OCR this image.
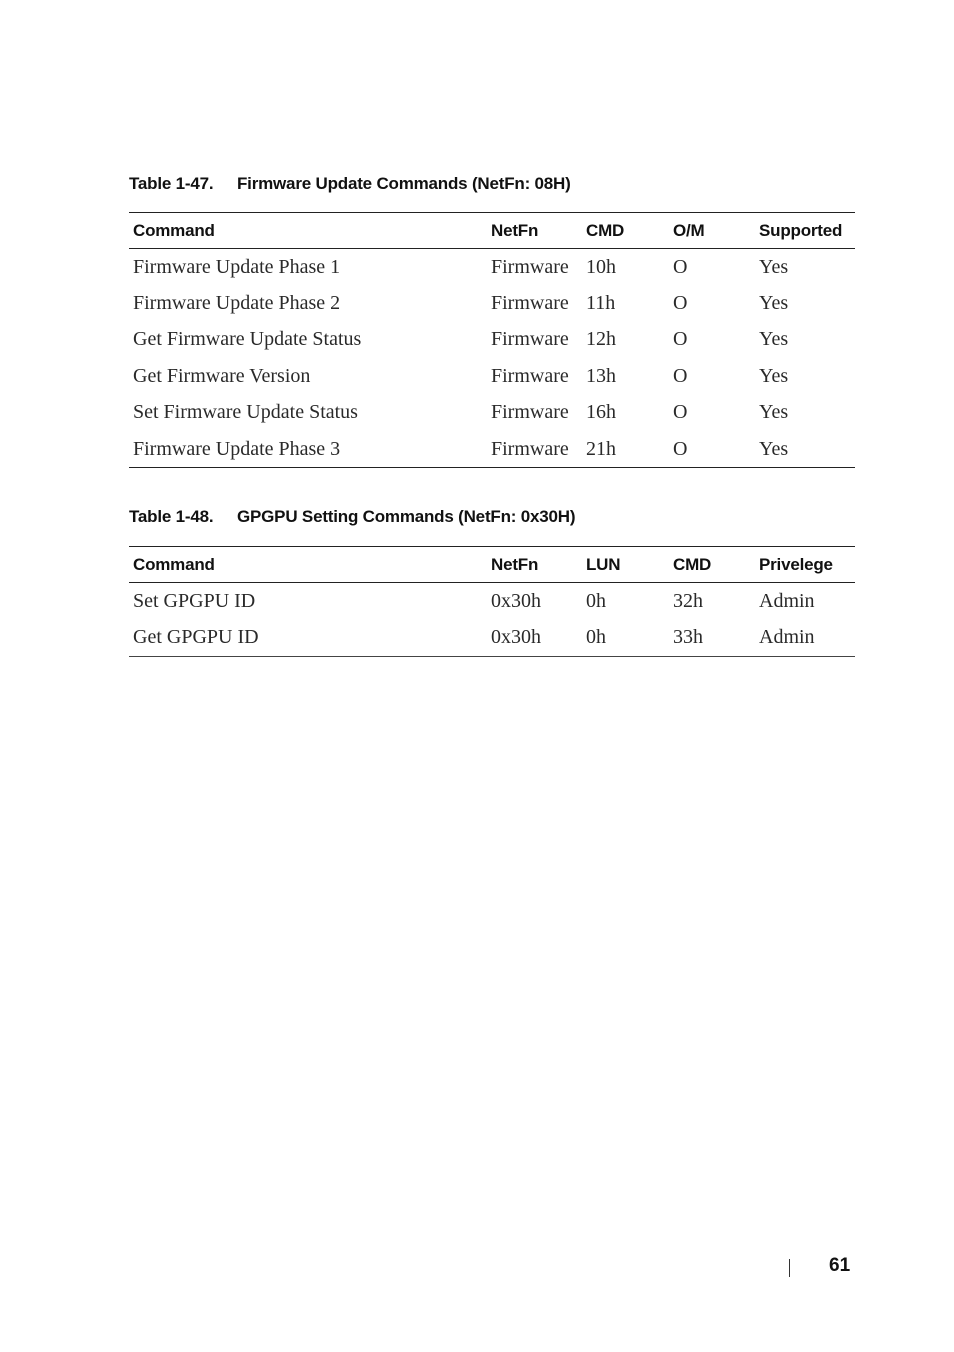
Table 1-47. Firmware Update Commands (NetFn: 08H)
Command	NetFn	CMD	O/M	Supported
Firmware Update Phase 1	Firmware	10h	O	Yes
Firmware Update Phase 2	Firmware	11h	O	Yes
Get Firmware Update Status	Firmware	12h	O	Yes
Get Firmware Version	Firmware	13h	O	Yes
Set Firmware Update Status	Firmware	16h	O	Yes
Firmware Update Phase 3	Firmware	21h	O	Yes
Table 1-48. GPGPU Setting Commands (NetFn: 0x30H)
Command	NetFn	LUN	CMD	Privelege
Set GPGPU ID	0x30h	0h	32h	Admin
Get GPGPU ID	0x30h	0h	33h	Admin
61
